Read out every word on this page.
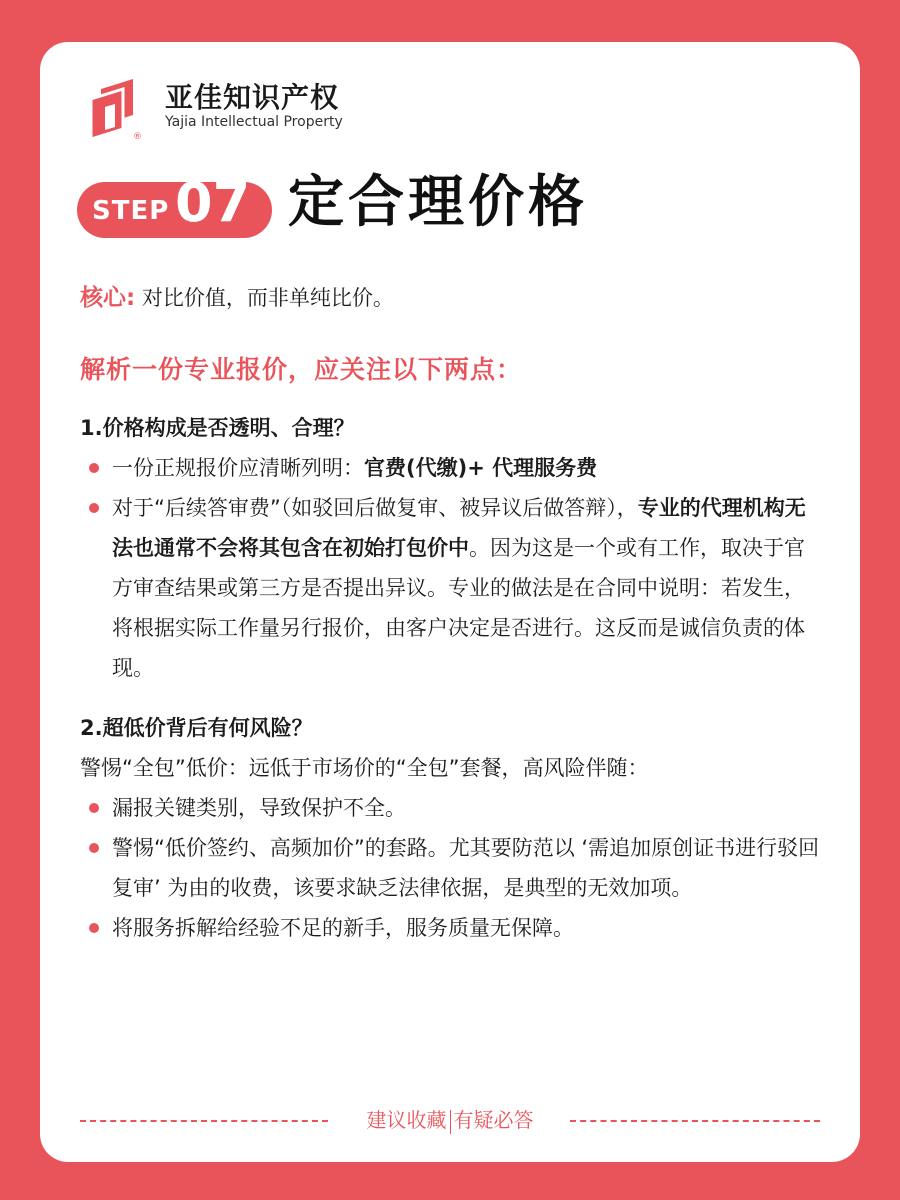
®
亚佳知识产权
Yajia Intellectual Property
STEP 07 定合理价格
核心: 对比价值，而非单纯比价。
解析一份专业报价，应关注以下两点：
1.价格构成是否透明、合理？
一份正规报价应清晰列明：官费(代缴)+ 代理服务费
对于“后续答审费”（如驳回后做复审、被异议后做答辩），专业的代理机构无法也通常不会将其包含在初始打包价中。因为这是一个或有工作，取决于官方审查结果或第三方是否提出异议。专业的做法是在合同中说明：若发生，将根据实际工作量另行报价，由客户决定是否进行。这反而是诚信负责的体现。
2.超低价背后有何风险？
警惕“全包”低价：远低于市场价的“全包”套餐，高风险伴随：
漏报关键类别，导致保护不全。
警惕“低价签约、高频加价”的套路。尤其要防范以 ‘需追加原创证书进行驳回复审’ 为由的收费，该要求缺乏法律依据，是典型的无效加项。
将服务拆解给经验不足的新手，服务质量无保障。
建议收藏 有疑必答
